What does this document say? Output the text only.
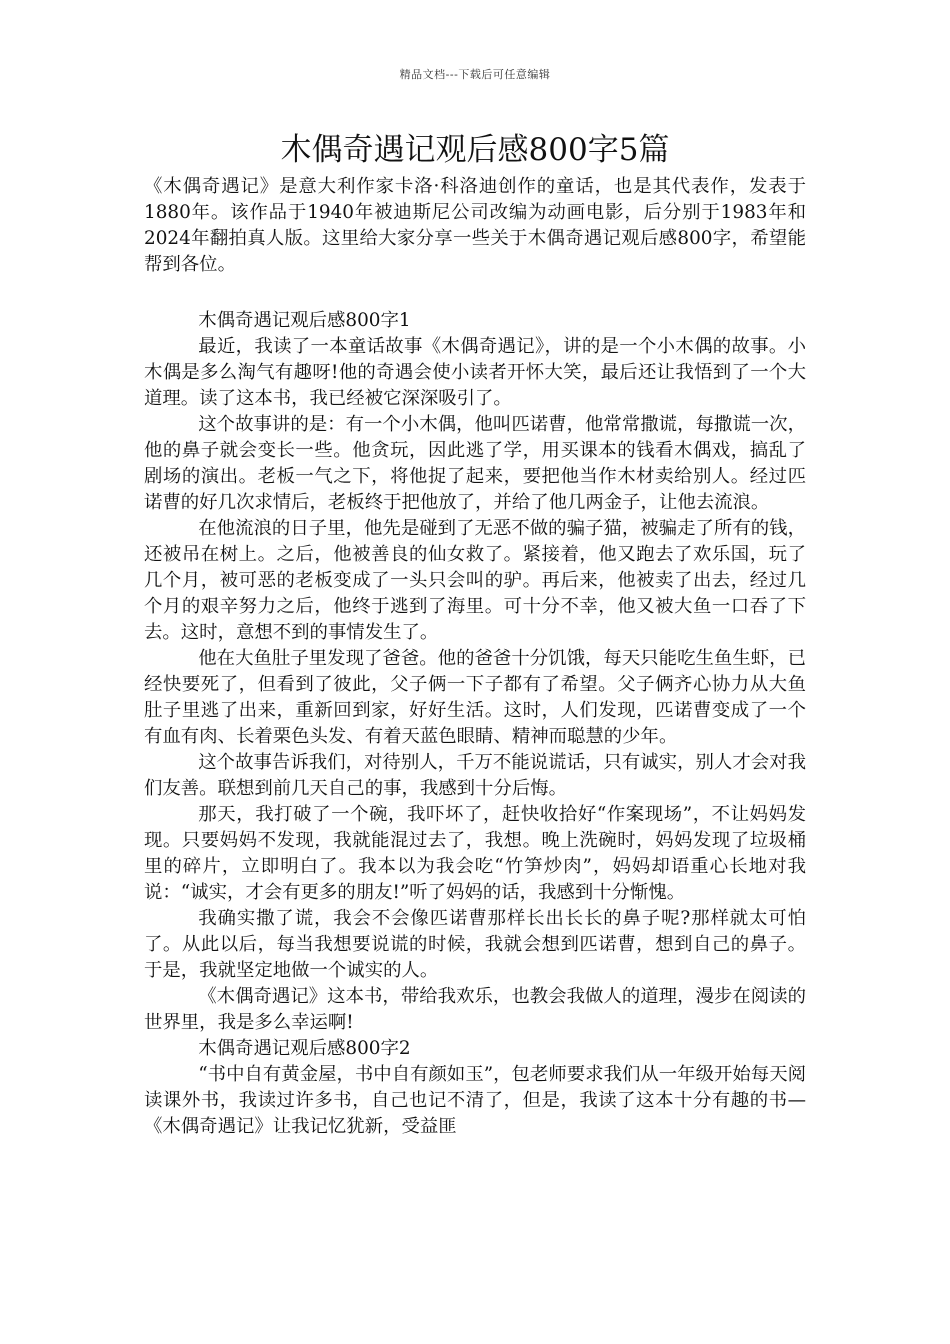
精品文档---下载后可任意编辑
木偶奇遇记观后感800字5篇

《木偶奇遇记》是意大利作家卡洛·科洛迪创作的童话，也是其代表作，发表于1880年。该作品于1940年被迪斯尼公司改编为动画电影，后分别于1983年和2024年翻拍真人版。这里给大家分享一些关于木偶奇遇记观后感800字，希望能帮到各位。

木偶奇遇记观后感800字1

最近，我读了一本童话故事《木偶奇遇记》，讲的是一个小木偶的故事。小木偶是多么淘气有趣呀!他的奇遇会使小读者开怀大笑，最后还让我悟到了一个大道理。读了这本书，我已经被它深深吸引了。

这个故事讲的是：有一个小木偶，他叫匹诺曹，他常常撒谎，每撒谎一次，他的鼻子就会变长一些。他贪玩，因此逃了学，用买课本的钱看木偶戏，搞乱了剧场的演出。老板一气之下，将他捉了起来，要把他当作木材卖给别人。经过匹诺曹的好几次求情后，老板终于把他放了，并给了他几两金子，让他去流浪。

在他流浪的日子里，他先是碰到了无恶不做的骗子猫，被骗走了所有的钱，还被吊在树上。之后，他被善良的仙女救了。紧接着，他又跑去了欢乐国，玩了几个月，被可恶的老板变成了一头只会叫的驴。再后来，他被卖了出去，经过几个月的艰辛努力之后，他终于逃到了海里。可十分不幸，他又被大鱼一口吞了下去。这时，意想不到的事情发生了。

他在大鱼肚子里发现了爸爸。他的爸爸十分饥饿，每天只能吃生鱼生虾，已经快要死了，但看到了彼此，父子俩一下子都有了希望。父子俩齐心协力从大鱼肚子里逃了出来，重新回到家，好好生活。这时，人们发现，匹诺曹变成了一个有血有肉、长着栗色头发、有着天蓝色眼睛、精神而聪慧的少年。

这个故事告诉我们，对待别人，千万不能说谎话，只有诚实，别人才会对我们友善。联想到前几天自己的事，我感到十分后悔。

那天，我打破了一个碗，我吓坏了，赶快收拾好“作案现场”，不让妈妈发现。只要妈妈不发现，我就能混过去了，我想。晚上洗碗时，妈妈发现了垃圾桶里的碎片，立即明白了。我本以为我会吃“竹笋炒肉”，妈妈却语重心长地对我说：“诚实，才会有更多的朋友!”听了妈妈的话，我感到十分惭愧。

我确实撒了谎，我会不会像匹诺曹那样长出长长的鼻子呢?那样就太可怕了。从此以后，每当我想要说谎的时候，我就会想到匹诺曹，想到自己的鼻子。于是，我就坚定地做一个诚实的人。

《木偶奇遇记》这本书，带给我欢乐，也教会我做人的道理，漫步在阅读的世界里，我是多么幸运啊!

木偶奇遇记观后感800字2

“书中自有黄金屋，书中自有颜如玉”，包老师要求我们从一年级开始每天阅读课外书，我读过许多书，自己也记不清了，但是，我读了这本十分有趣的书—《木偶奇遇记》让我记忆犹新，受益匪
